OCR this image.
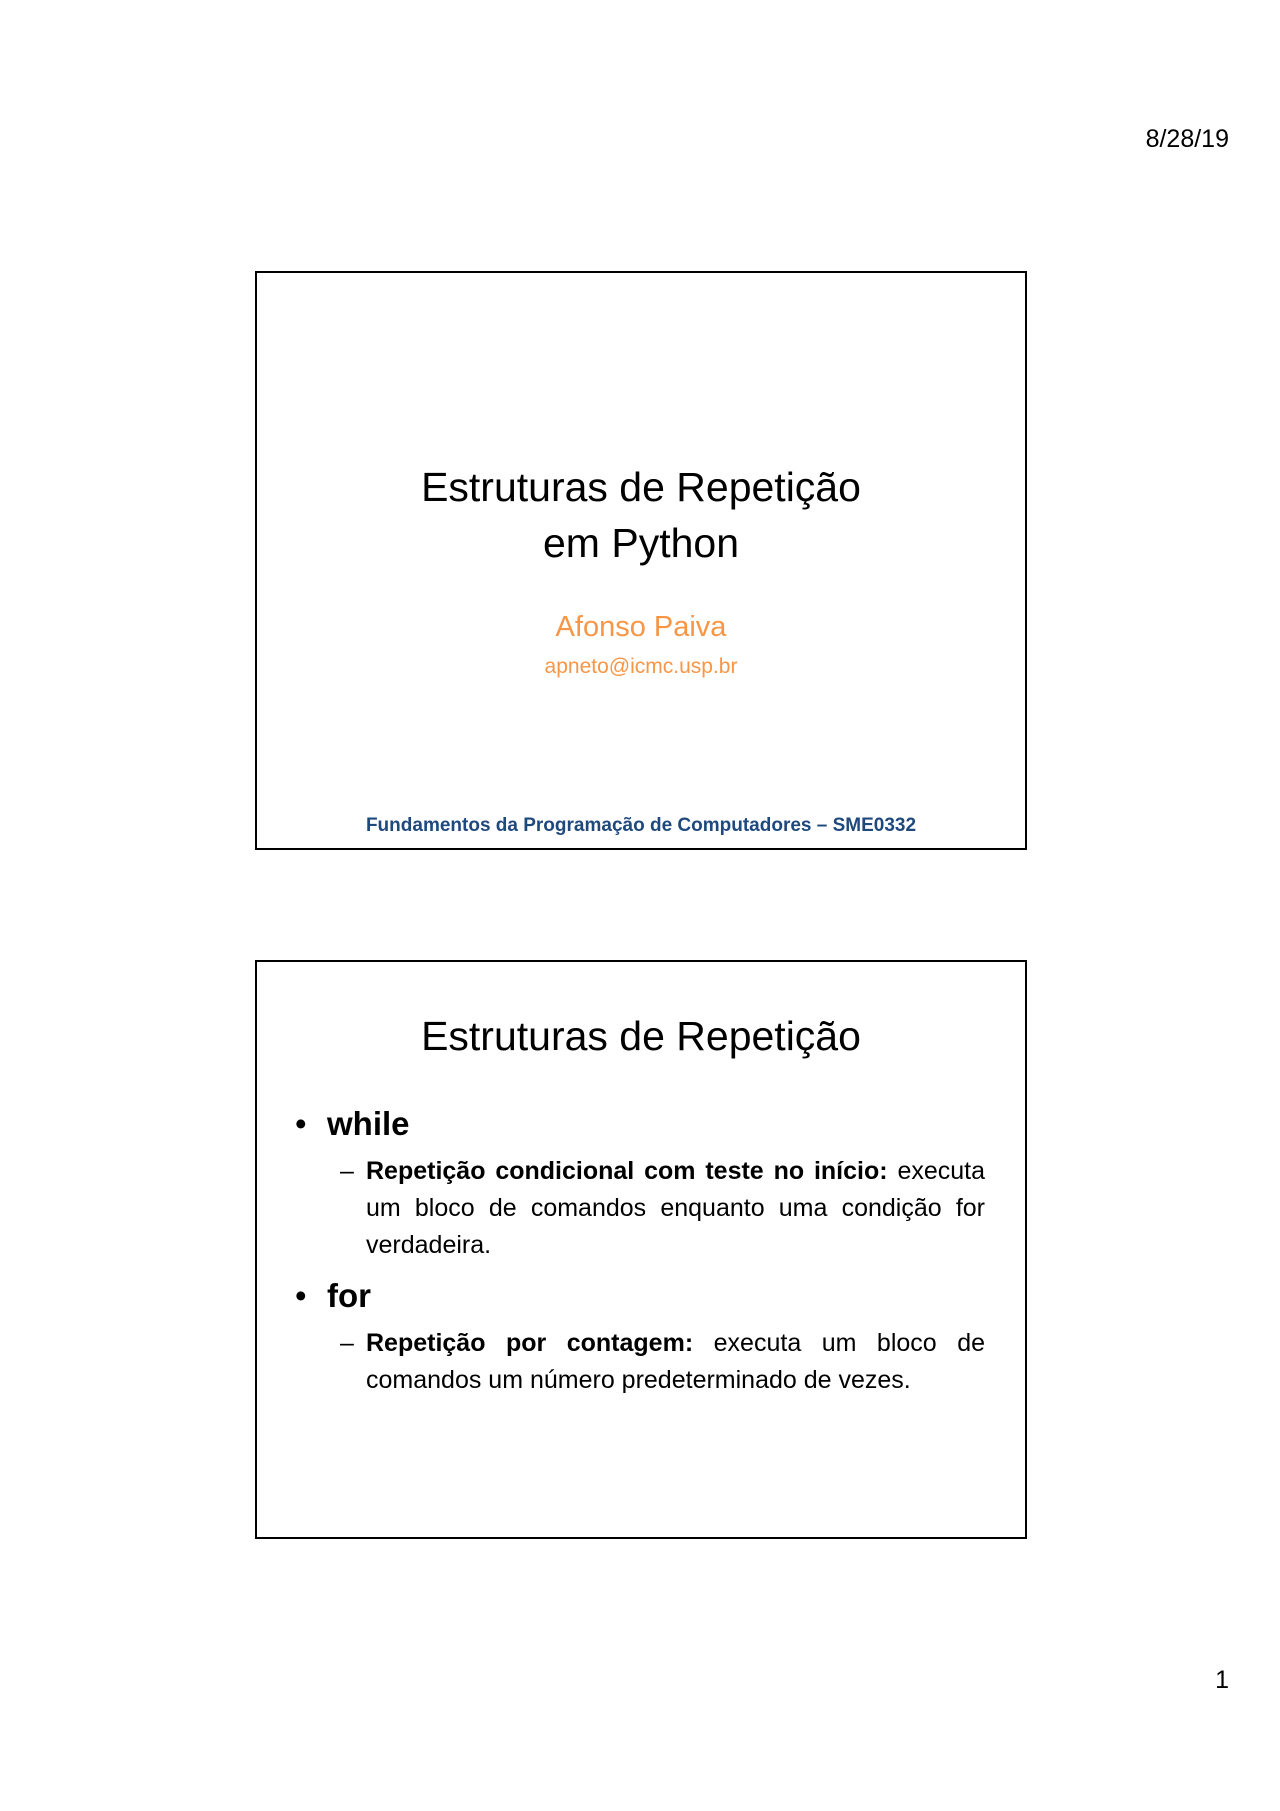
8/28/19
Estruturas de Repetição
em Python
Afonso Paiva
apneto@icmc.usp.br
Fundamentos da Programação de Computadores – SME0332
Estruturas de Repetição
• while
– Repetição condicional com teste no início: executa um bloco de comandos enquanto uma condição for verdadeira.
• for
– Repetição por contagem: executa um bloco de comandos um número predeterminado de vezes.
1
